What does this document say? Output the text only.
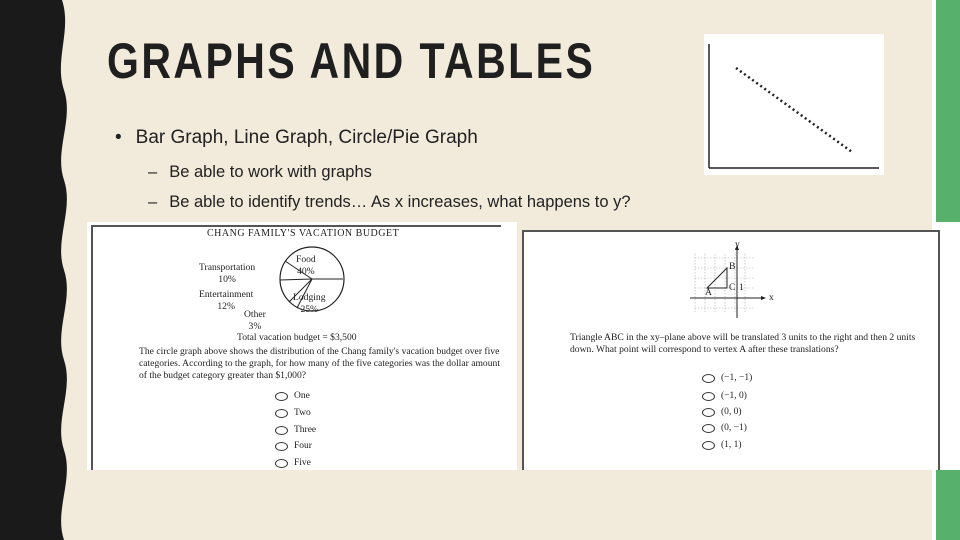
GRAPHS AND TABLES
• Bar Graph, Line Graph, Circle/Pie Graph
– Be able to work with graphs
– Be able to identify trends… As x increases, what happens to y?
CHANG FAMILY'S VACATION BUDGET
Food
40%
Transportation
10%
Entertainment
12%
Other
3%
Lodging
25%
Total vacation budget = $3,500
The circle graph above shows the distribution of the Chang family's vacation budget over five categories. According to the graph, for how many of the five categories was the dollar amount of the budget category greater than $1,000?
One
Two
Three
Four
Five
y
x
B
C
A	1
Triangle ABC in the xy–plane above will be translated 3 units to the right and then 2 units down. What point will correspond to vertex A after these translations?
(−1, −1)
(−1, 0)
(0, 0)
(0, −1)
(1, 1)
